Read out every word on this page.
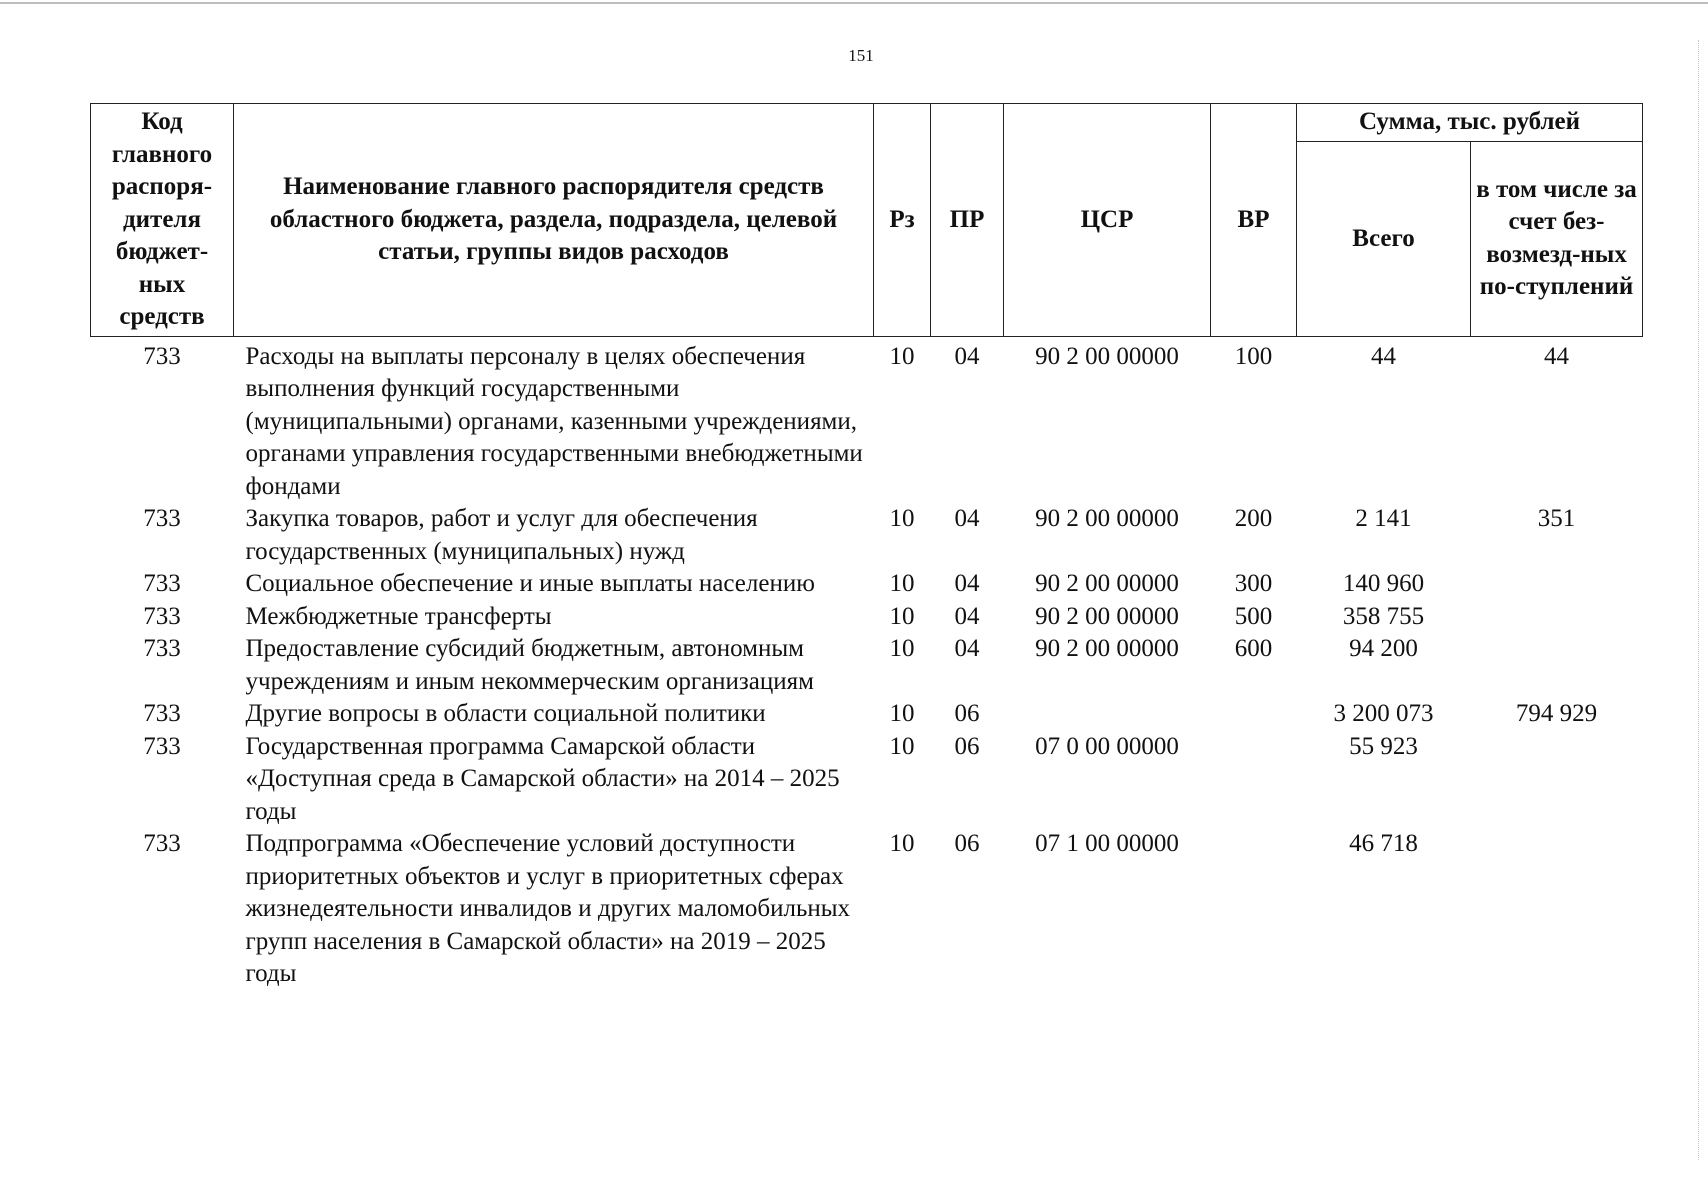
151
Код главного распоря-дителя бюджет-ных средств	Наименование главного распорядителя средств областного бюджета, раздела, подраздела, целевой статьи, группы видов расходов	Рз	ПР	ЦСР	ВР	Сумма, тыс. рублей	
						Всего	в том числе за счет без-возмезд-ных по-ступлений
733	Расходы на выплаты персоналу в целях обеспечения выполнения функций государственными (муниципальными) органами, казенными учреждениями, органами управления государственными внебюджетными фондами	10	04	90 2 00 00000	100	44	44
733	Закупка товаров, работ и услуг для обеспечения государственных (муниципальных) нужд	10	04	90 2 00 00000	200	2 141	351
733	Социальное обеспечение и иные выплаты населению	10	04	90 2 00 00000	300	140 960	
733	Межбюджетные трансферты	10	04	90 2 00 00000	500	358 755	
733	Предоставление субсидий бюджетным, автономным учреждениям и иным некоммерческим организациям	10	04	90 2 00 00000	600	94 200	
733	Другие вопросы в области социальной политики	10	06			3 200 073	794 929
733	Государственная программа Самарской области «Доступная среда в Самарской области» на 2014 – 2025 годы	10	06	07 0 00 00000		55 923	
733	Подпрограмма «Обеспечение условий доступности приоритетных объектов и услуг в приоритетных сферах жизнедеятельности инвалидов и других маломобильных групп населения в Самарской области» на 2019 – 2025 годы	10	06	07 1 00 00000		46 718	
